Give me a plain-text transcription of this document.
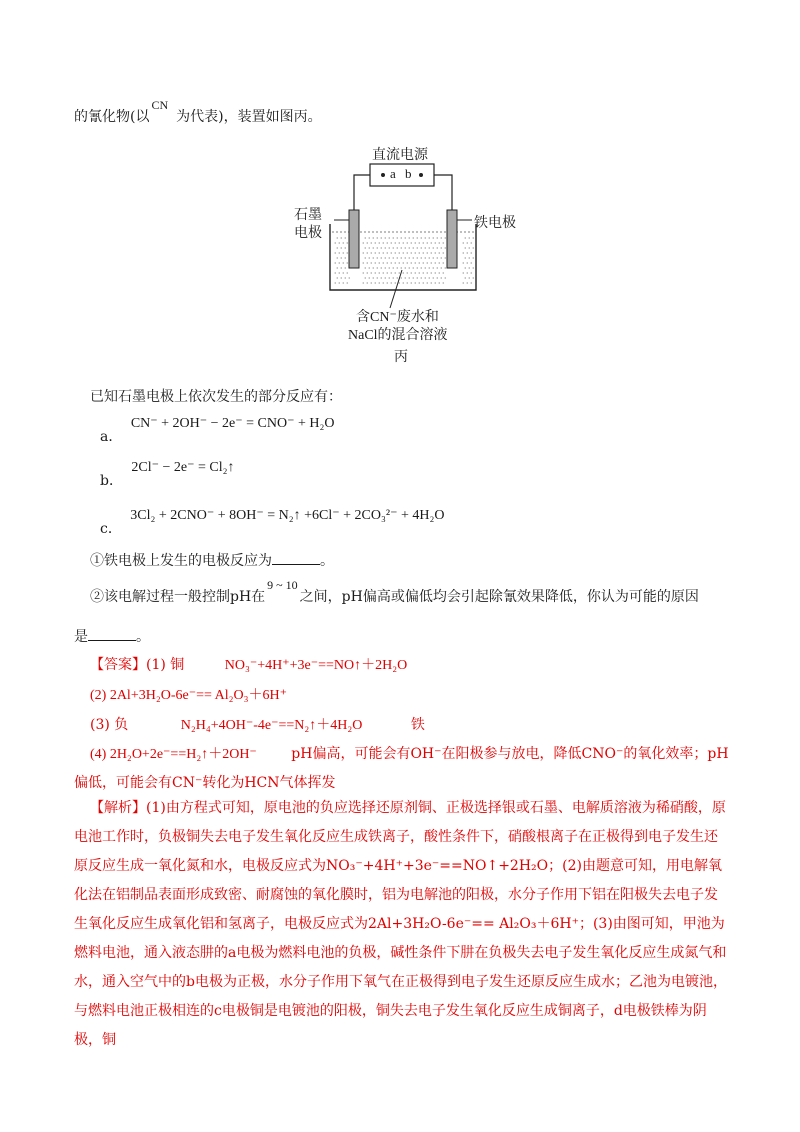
的氰化物(以CN为代表)，装置如图丙。
直流电源
a b
石墨
电极
铁电极
含CN⁻废水和
NaCl的混合溶液
丙
已知石墨电极上依次发生的部分反应有：
a． CN⁻ + 2OH⁻ − 2e⁻ = CNO⁻ + H₂O
b． 2Cl⁻ − 2e⁻ = Cl₂↑
c． 3Cl₂ + 2CNO⁻ + 8OH⁻ = N₂↑ +6Cl⁻ + 2CO₃²⁻ + 4H₂O
①铁电极上发生的电极反应为	。
②该电解过程一般控制pH在9 ~ 10之间，pH偏高或偏低均会引起除氰效果降低，你认为可能的原因
是	。
【答案】(1) 铜	NO₃⁻+4H⁺+3e⁻==NO↑＋2H₂O
(2) 2Al+3H₂O-6e⁻== Al₂O₃＋6H⁺
(3) 负	N₂H₄+4OH⁻-4e⁻==N₂↑＋4H₂O	铁
(4) 2H₂O+2e⁻==H₂↑＋2OH⁻ pH偏高，可能会有OH⁻在阳极参与放电，降低CNO⁻的氧化效率；pH
偏低，可能会有CN⁻转化为HCN气体挥发
【解析】(1)由方程式可知，原电池的负应选择还原剂铜、正极选择银或石墨、电解质溶液为稀硝酸，原电池工作时，负极铜失去电子发生氧化反应生成铁离子，酸性条件下，硝酸根离子在正极得到电子发生还原反应生成一氧化氮和水，电极反应式为NO₃⁻+4H⁺+3e⁻==NO↑+2H₂O；(2)由题意可知，用电解氧化法在铝制品表面形成致密、耐腐蚀的氧化膜时，铝为电解池的阳极，水分子作用下铝在阳极失去电子发生氧化反应生成氧化铝和氢离子，电极反应式为2Al+3H₂O-6e⁻== Al₂O₃＋6H⁺；(3)由图可知，甲池为燃料电池，通入液态肼的a电极为燃料电池的负极，碱性条件下肼在负极失去电子发生氧化反应生成氮气和水，通入空气中的b电极为正极，水分子作用下氧气在正极得到电子发生还原反应生成水；乙池为电镀池，与燃料电池正极相连的c电极铜是电镀池的阳极，铜失去电子发生氧化反应生成铜离子，d电极铁棒为阴极，铜
